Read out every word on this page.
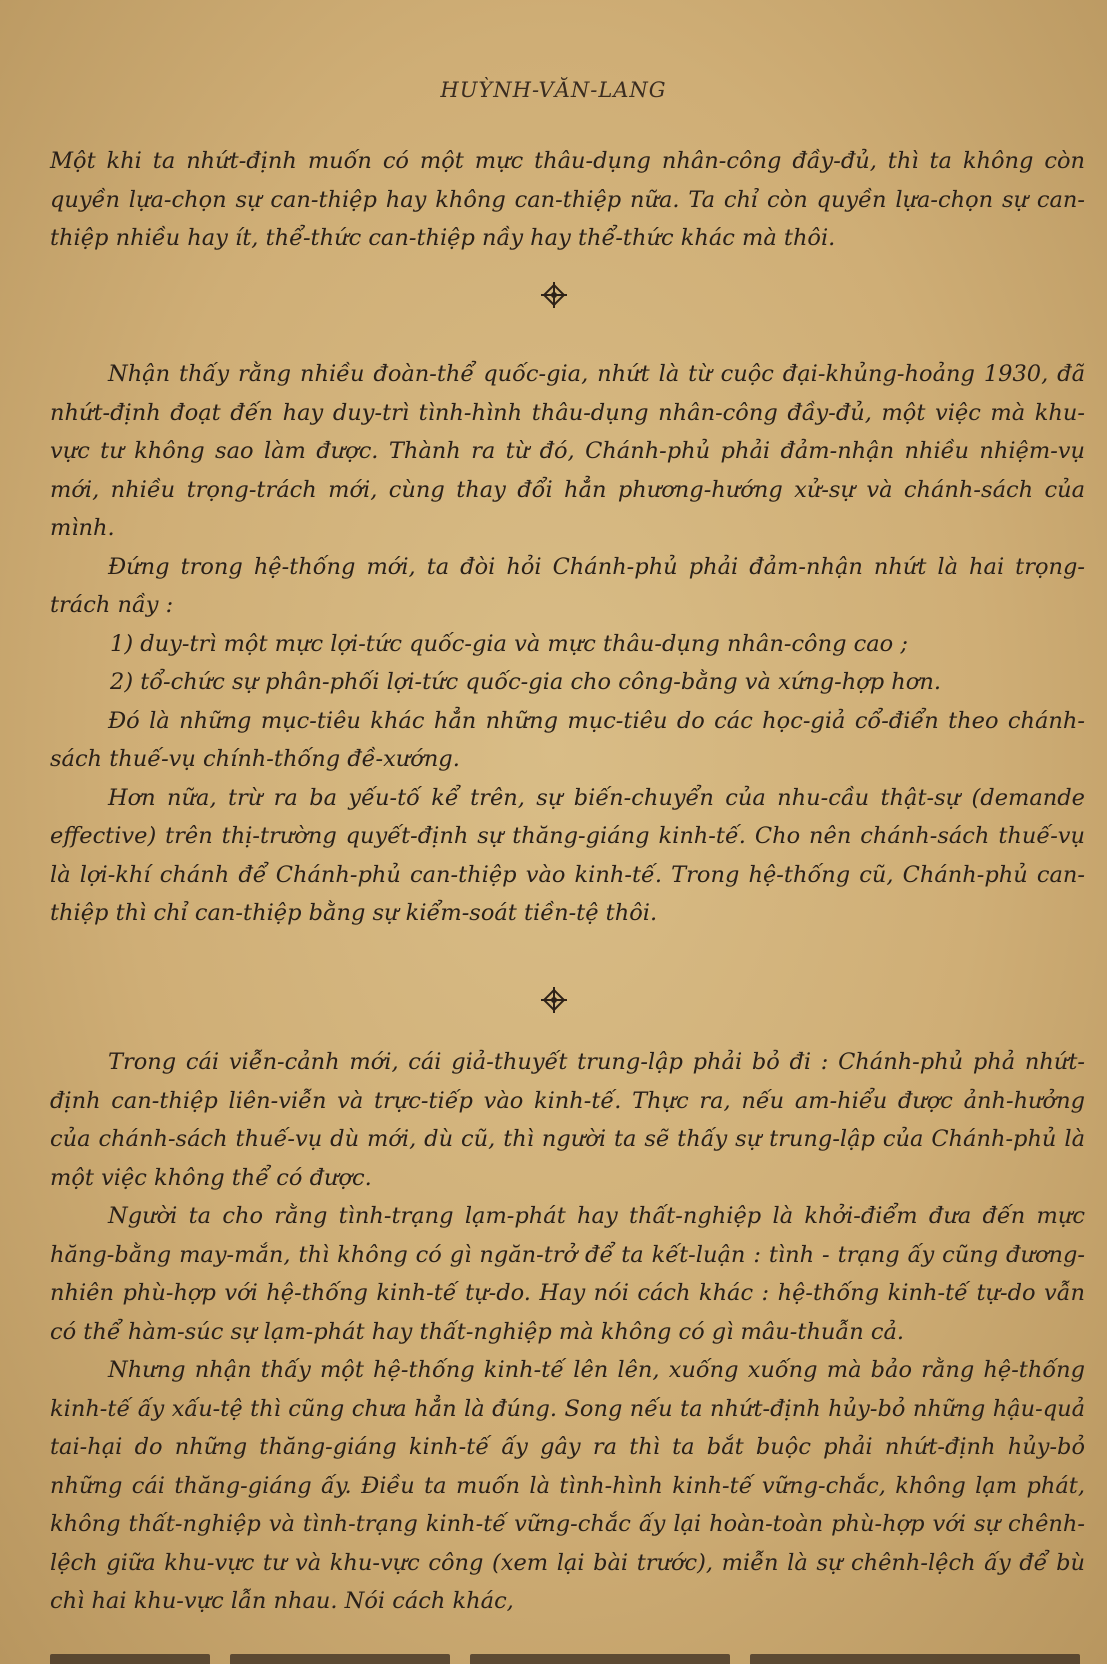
HUỲNH-VĂN-LANG

Một khi ta nhứt-định muốn có một mực thâu-dụng nhân-công đầy-đủ, thì ta không còn quyền lựa-chọn sự can-thiệp hay không can-thiệp nữa. Ta chỉ còn quyền lựa-chọn sự can-thiệp nhiều hay ít, thể-thức can-thiệp nầy hay thể-thức khác mà thôi.

Nhận thấy rằng nhiều đoàn-thể quốc-gia, nhứt là từ cuộc đại-khủng-hoảng 1930, đã nhứt-định đoạt đến hay duy-trì tình-hình thâu-dụng nhân-công đầy-đủ, một việc mà khu-vực tư không sao làm được. Thành ra từ đó, Chánh-phủ phải đảm-nhận nhiều nhiệm-vụ mới, nhiều trọng-trách mới, cùng thay đổi hẳn phương-hướng xử-sự và chánh-sách của mình.

Đứng trong hệ-thống mới, ta đòi hỏi Chánh-phủ phải đảm-nhận nhứt là hai trọng-trách nầy :

1) duy-trì một mực lợi-tức quốc-gia và mực thâu-dụng nhân-công cao ;

2) tổ-chức sự phân-phối lợi-tức quốc-gia cho công-bằng và xứng-hợp hơn.

Đó là những mục-tiêu khác hẳn những mục-tiêu do các học-giả cổ-điển theo chánh-sách thuế-vụ chính-thống đề-xướng.

Hơn nữa, trừ ra ba yếu-tố kể trên, sự biến-chuyển của nhu-cầu thật-sự (demande effective) trên thị-trường quyết-định sự thăng-giáng kinh-tế. Cho nên chánh-sách thuế-vụ là lợi-khí chánh để Chánh-phủ can-thiệp vào kinh-tế. Trong hệ-thống cũ, Chánh-phủ can-thiệp thì chỉ can-thiệp bằng sự kiểm-soát tiền-tệ thôi.

Trong cái viễn-cảnh mới, cái giả-thuyết trung-lập phải bỏ đi : Chánh-phủ phả nhứt-định can-thiệp liên-viễn và trực-tiếp vào kinh-tế. Thực ra, nếu am-hiểu được ảnh-hưởng của chánh-sách thuế-vụ dù mới, dù cũ, thì người ta sẽ thấy sự trung-lập của Chánh-phủ là một việc không thể có được.

Người ta cho rằng tình-trạng lạm-phát hay thất-nghiệp là khởi-điểm đưa đến mực hăng-bằng may-mắn, thì không có gì ngăn-trở để ta kết-luận : tình - trạng ấy cũng đương-nhiên phù-hợp với hệ-thống kinh-tế tự-do. Hay nói cách khác : hệ-thống kinh-tế tự-do vẫn có thể hàm-súc sự lạm-phát hay thất-nghiệp mà không có gì mâu-thuẫn cả.

Nhưng nhận thấy một hệ-thống kinh-tế lên lên, xuống xuống mà bảo rằng hệ-thống kinh-tế ấy xấu-tệ thì cũng chưa hẳn là đúng. Song nếu ta nhứt-định hủy-bỏ những hậu-quả tai-hại do những thăng-giáng kinh-tế ấy gây ra thì ta bắt buộc phải nhứt-định hủy-bỏ những cái thăng-giáng ấy. Điều ta muốn là tình-hình kinh-tế vững-chắc, không lạm phát, không thất-nghiệp và tình-trạng kinh-tế vững-chắc ấy lại hoàn-toàn phù-hợp với sự chênh- lệch giữa khu-vực tư và khu-vực công (xem lại bài trước), miễn là sự chênh-lệch ấy để bù chì hai khu-vực lẫn nhau. Nói cách khác,
